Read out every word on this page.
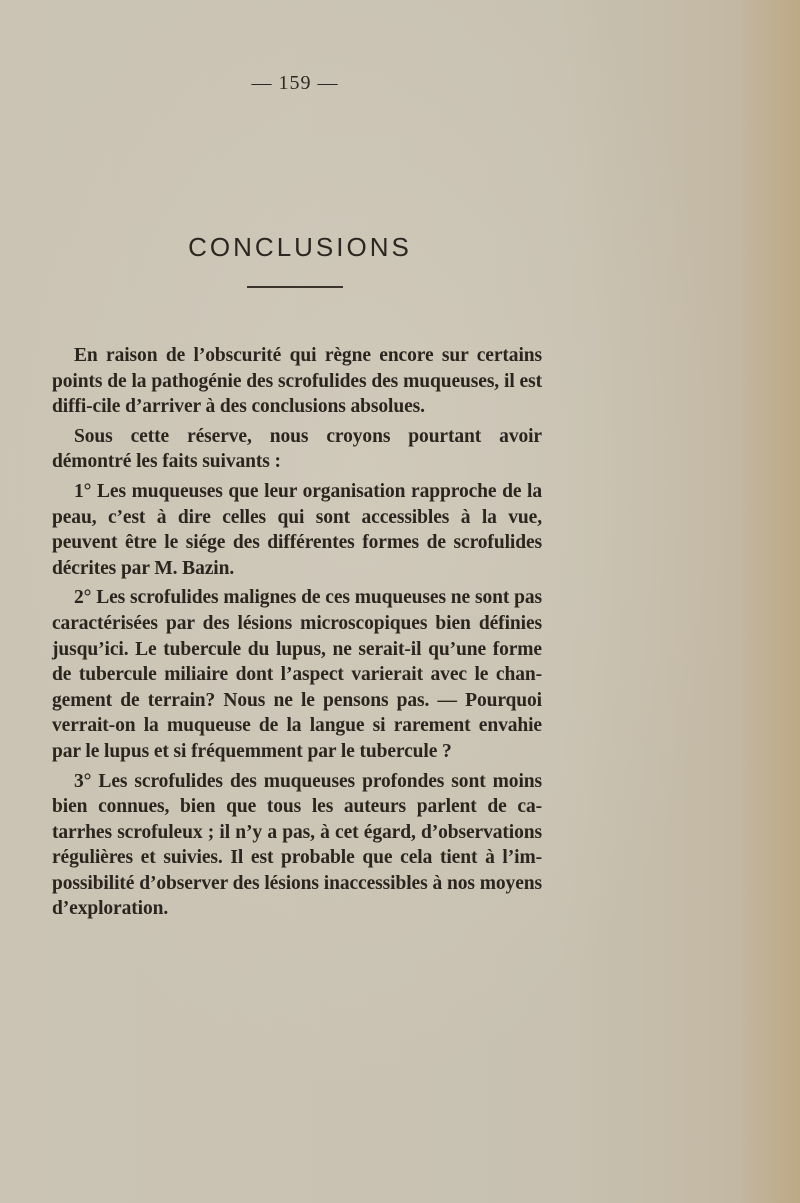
— 159 —
CONCLUSIONS

En raison de l’obscurité qui règne encore sur certains points de la pathogénie des scrofulides des muqueuses, il est diffi-cile d’arriver à des conclusions absolues.

Sous cette réserve, nous croyons pourtant avoir démontré les faits suivants :

1° Les muqueuses que leur organisation rapproche de la peau, c’est à dire celles qui sont accessibles à la vue, peuvent être le siége des différentes formes de scrofulides décrites par M. Bazin.

2° Les scrofulides malignes de ces muqueuses ne sont pas caractérisées par des lésions microscopiques bien définies jusqu’ici. Le tubercule du lupus, ne serait-il qu’une forme de tubercule miliaire dont l’aspect varierait avec le chan-gement de terrain? Nous ne le pensons pas. — Pourquoi verrait-on la muqueuse de la langue si rarement envahie par le lupus et si fréquemment par le tubercule ?

3° Les scrofulides des muqueuses profondes sont moins bien connues, bien que tous les auteurs parlent de ca-tarrhes scrofuleux ; il n’y a pas, à cet égard, d’observations régulières et suivies. Il est probable que cela tient à l’im-possibilité d’observer des lésions inaccessibles à nos moyens d’exploration.
